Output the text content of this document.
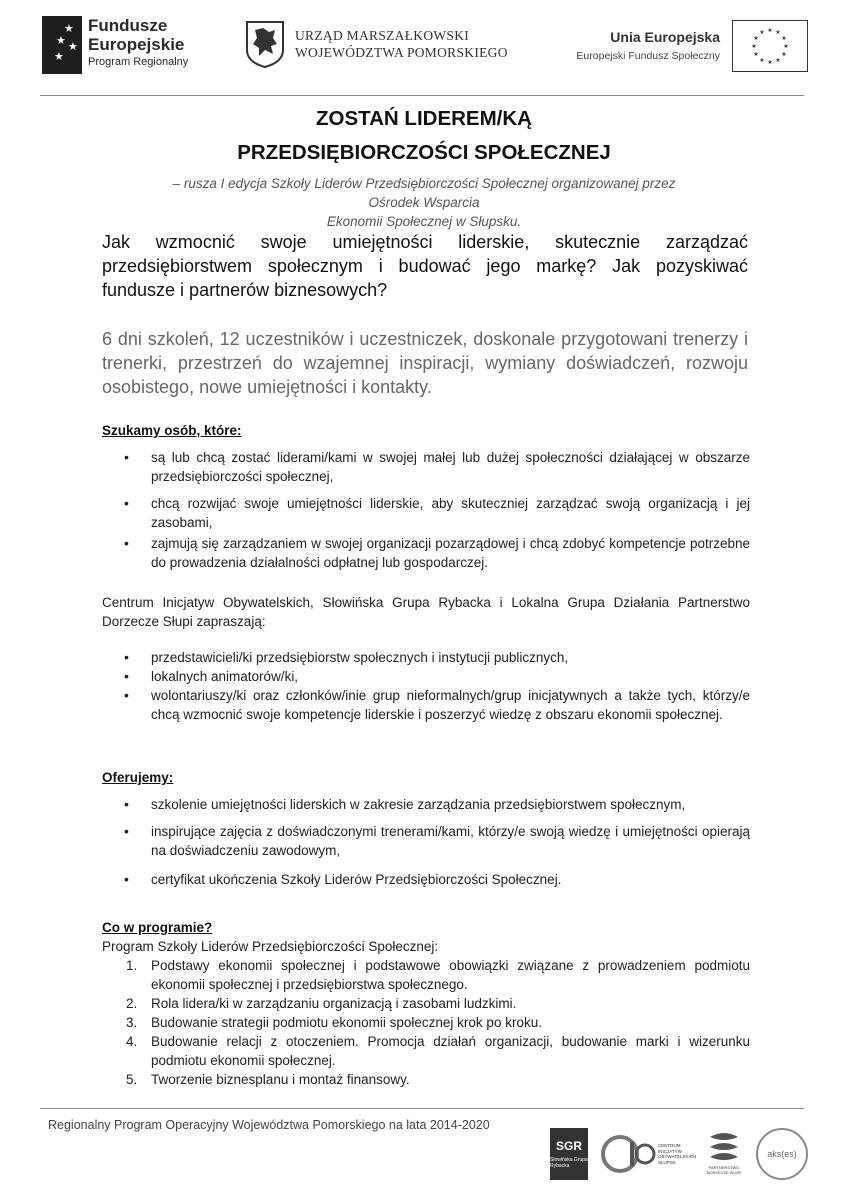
★
★ ★
★
Fundusze
Europejskie
Program Regionalny
URZĄD MARSZAŁKOWSKI
WOJEWÓDZTWA POMORSKIEGO
Unia Europejska
Europejski Fundusz Społeczny
★ ★
★
★
★
★
★
★
★
★
★
★
ZOSTAŃ LIDEREM/KĄ
PRZEDSIĘBIORCZOŚCI SPOŁECZNEJ
– rusza I edycja Szkoły Liderów Przedsiębiorczości Społecznej organizowanej przez Ośrodek Wsparcia
Ekonomii Społecznej w Słupsku.
Jak wzmocnić swoje umiejętności liderskie, skutecznie zarządzać
przedsiębiorstwem społecznym i budować jego markę? Jak pozyskiwać
fundusze i partnerów biznesowych?
6 dni szkoleń, 12 uczestników i uczestniczek, doskonale przygotowani trenerzy i
trenerki, przestrzeń do wzajemnej inspiracji, wymiany doświadczeń, rozwoju
osobistego, nowe umiejętności i kontakty.
Szukamy osób, które:
• są lub chcą zostać liderami/kami w swojej małej lub dużej społeczności działającej w obszarze przedsiębiorczości społecznej,
• chcą rozwijać swoje umiejętności liderskie, aby skuteczniej zarządzać swoją organizacją i jej zasobami,
• zajmują się zarządzaniem w swojej organizacji pozarządowej i chcą zdobyć kompetencje potrzebne do prowadzenia działalności odpłatnej lub gospodarczej.
Centrum Inicjatyw Obywatelskich, Słowińska Grupa Rybacka i Lokalna Grupa Działania Partnerstwo Dorzecze Słupi zapraszają:
• przedstawicieli/ki przedsiębiorstw społecznych i instytucji publicznych,
• lokalnych animatorów/ki,
• wolontariuszy/ki oraz członków/inie grup nieformalnych/grup inicjatywnych a także tych, którzy/e chcą wzmocnić swoje kompetencje liderskie i poszerzyć wiedzę z obszaru ekonomii społecznej.
Oferujemy:
• szkolenie umiejętności liderskich w zakresie zarządzania przedsiębiorstwem społecznym,
• inspirujące zajęcia z doświadczonymi trenerami/kami, którzy/e swoją wiedzę i umiejętności opierają na doświadczeniu zawodowym,
• certyfikat ukończenia Szkoły Liderów Przedsiębiorczości Społecznej.
Co w programie?
Program Szkoły Liderów Przedsiębiorczości Społecznej:
1. Podstawy ekonomii społecznej i podstawowe obowiązki związane z prowadzeniem podmiotu ekonomii społecznej i przedsiębiorstwa społecznego.
2. Rola lidera/ki w zarządzaniu organizacją i zasobami ludzkimi.
3. Budowanie strategii podmiotu ekonomii społecznej krok po kroku.
4. Budowanie relacji z otoczeniem. Promocja działań organizacji, budowanie marki i wizerunku podmiotu ekonomii społecznej.
5. Tworzenie biznesplanu i montaż finansowy.
Regionalny Program Operacyjny Województwa Pomorskiego na lata 2014-2020
SGR
Słowińska Grupa Rybacka
CENTRUM INICJATYW OBYWATELSKICH SŁUPSK
PARTNERSTWO DORZECZE SŁUPI
aks(es)
